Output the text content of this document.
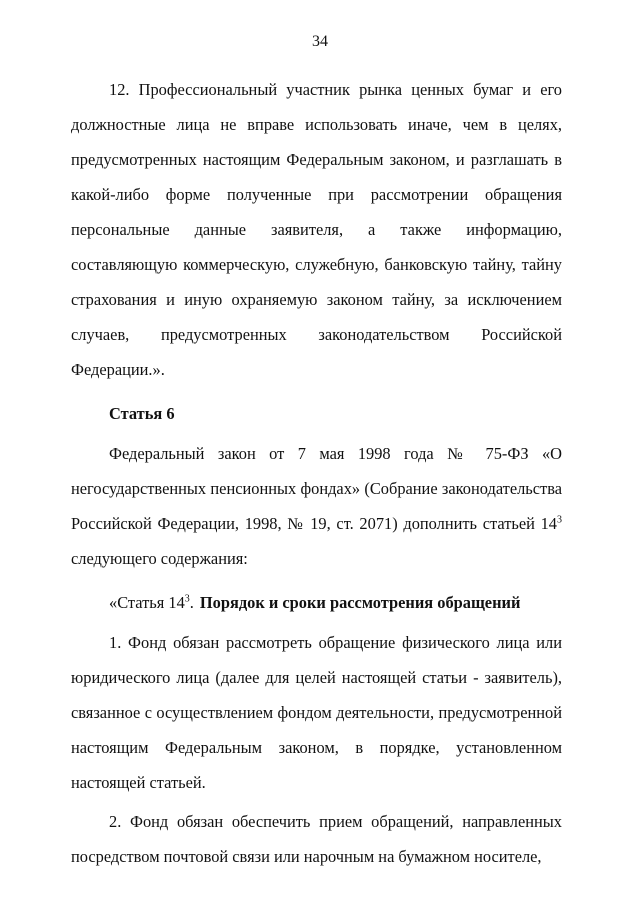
34

12. Профессиональный участник рынка ценных бумаг и его должностные лица не вправе использовать иначе, чем в целях, предусмотренных настоящим Федеральным законом, и разглашать в какой-либо форме полученные при рассмотрении обращения персональные данные заявителя, а также информацию, составляющую коммерческую, служебную, банковскую тайну, тайну страхования и иную охраняемую законом тайну, за исключением случаев, предусмотренных законодательством Российской Федерации.».

Статья 6

Федеральный закон от 7 мая 1998 года № 75-ФЗ «О негосударственных пенсионных фондах» (Собрание законодательства Российской Федерации, 1998, № 19, ст. 2071) дополнить статьей $14^3$ следующего содержания:

«Статья $14^3$. Порядок и сроки рассмотрения обращений

1. Фонд обязан рассмотреть обращение физического лица или юридического лица (далее для целей настоящей статьи - заявитель), связанное с осуществлением фондом деятельности, предусмотренной настоящим Федеральным законом, в порядке, установленном настоящей статьей.

2. Фонд обязан обеспечить прием обращений, направленных посредством почтовой связи или нарочным на бумажном носителе,
